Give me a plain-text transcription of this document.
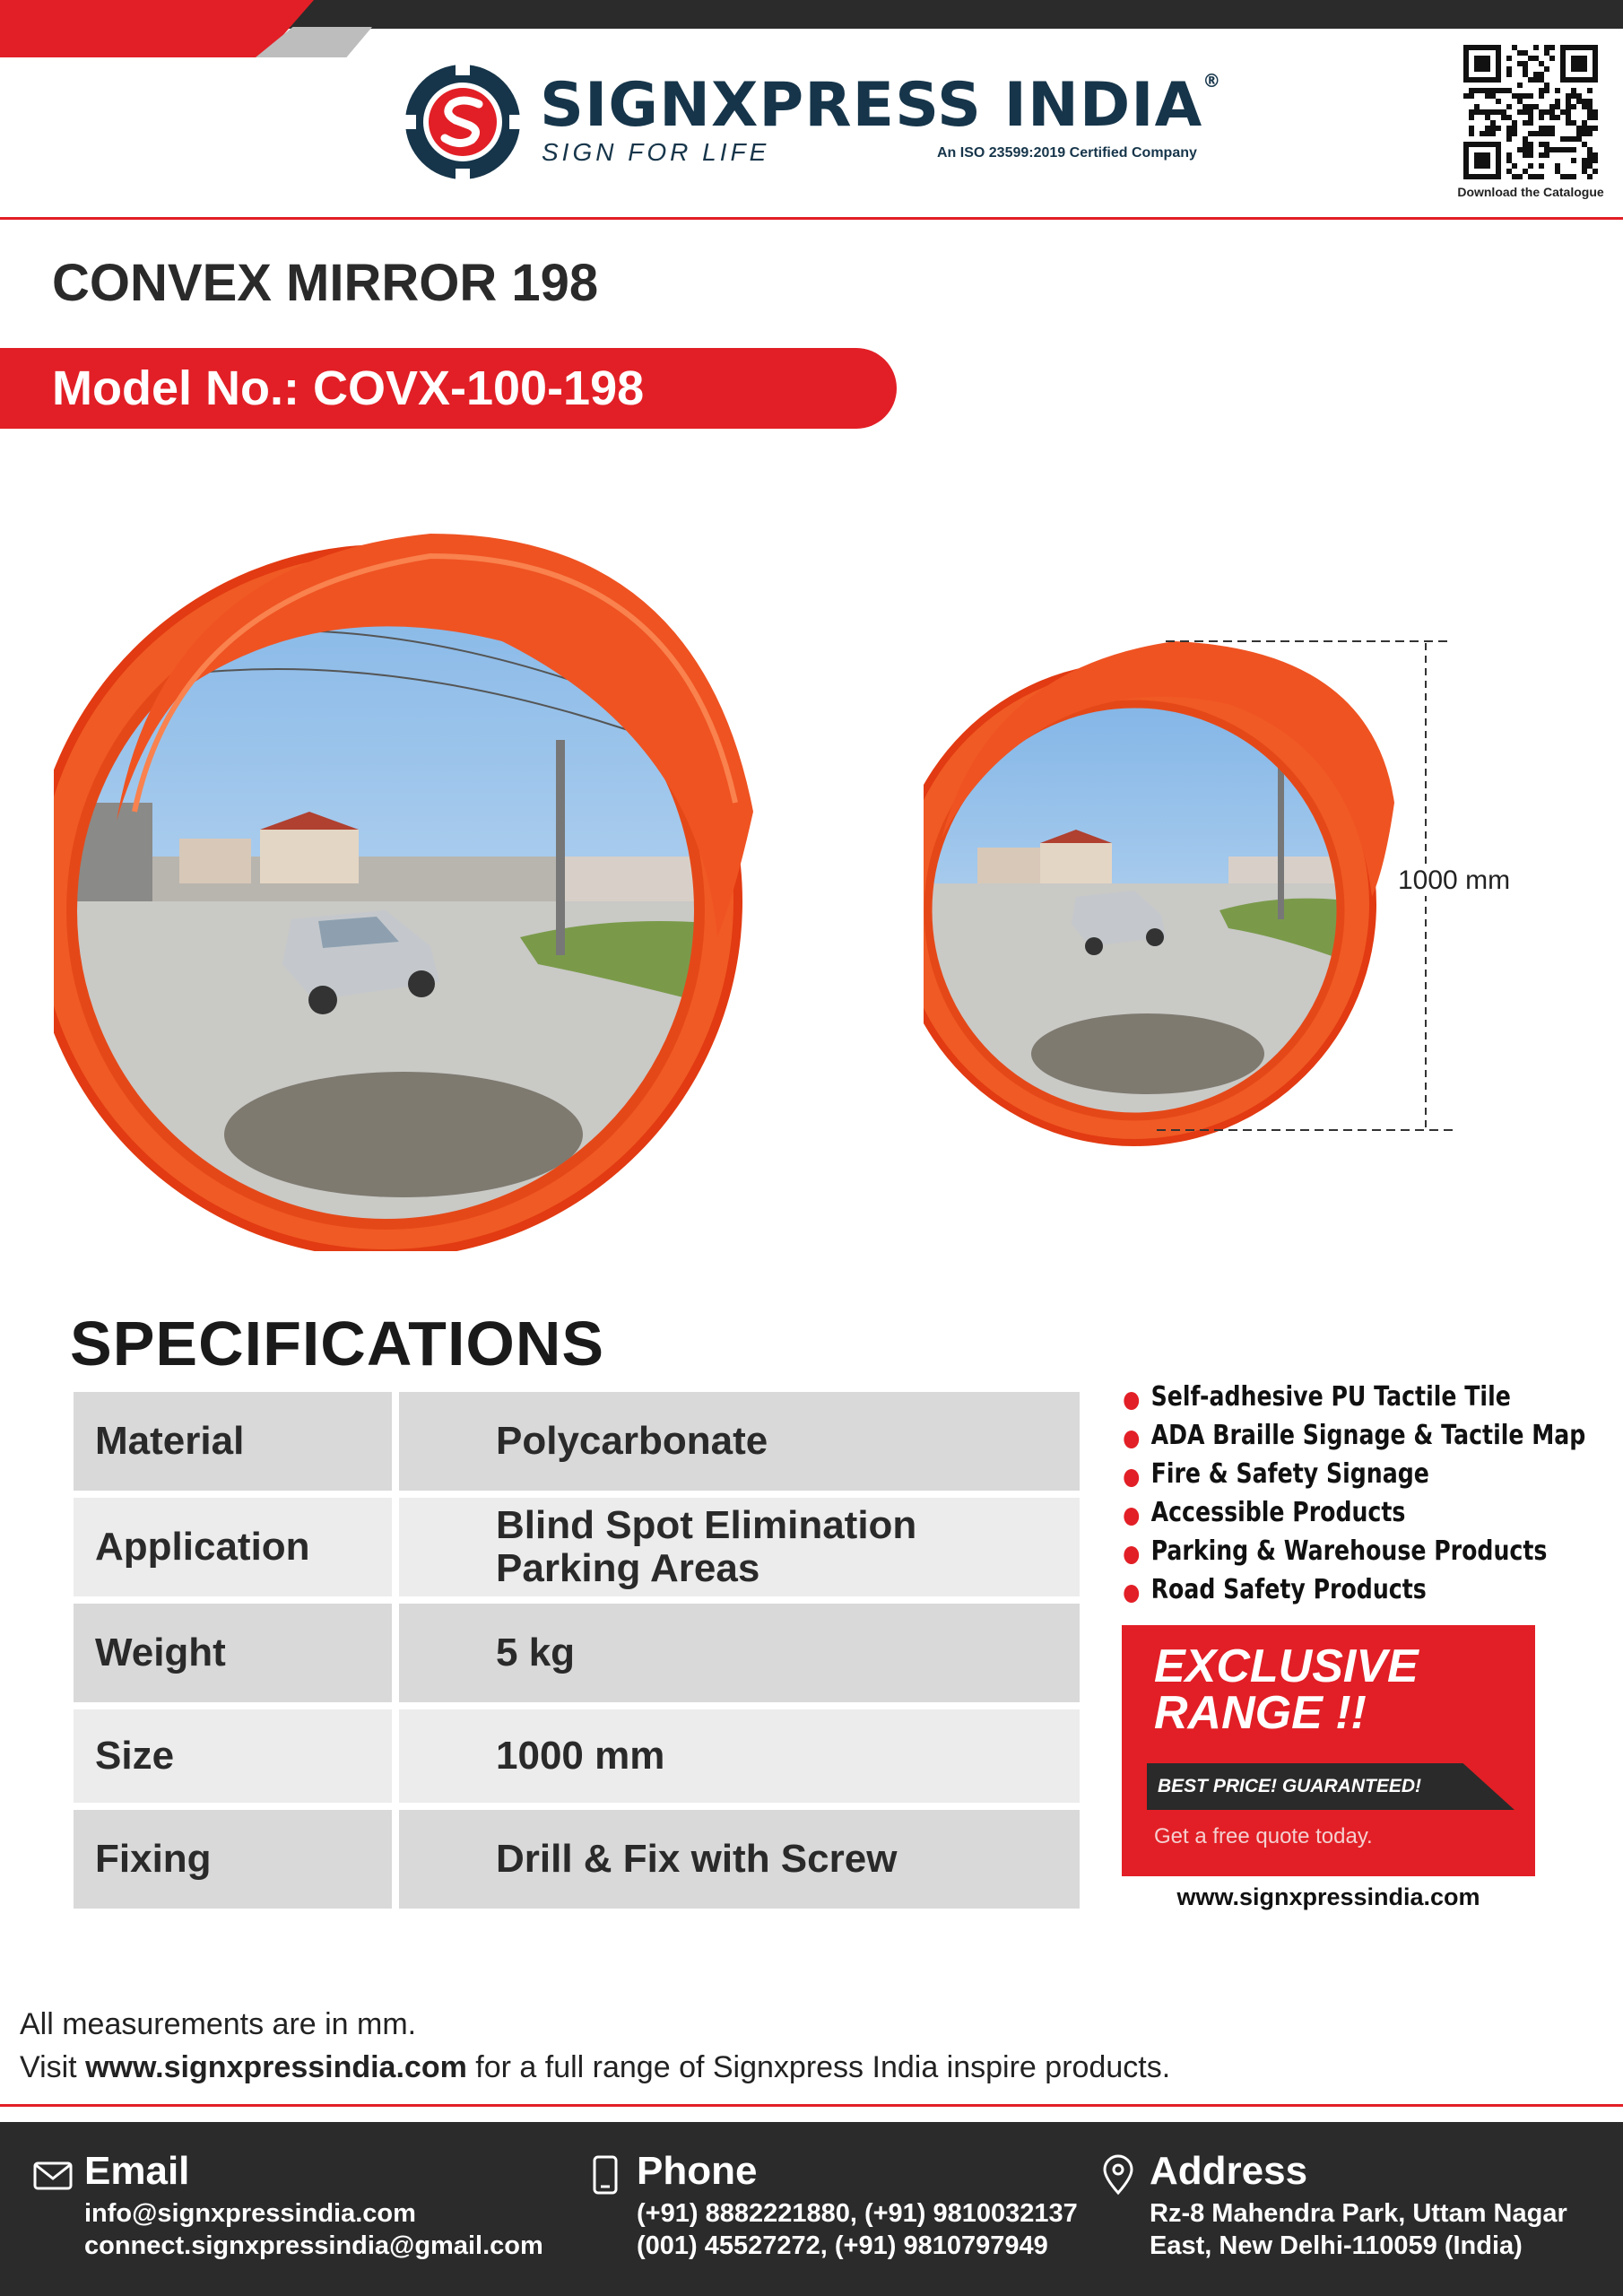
SIGNXPRESS INDIA®
SIGN FOR LIFE	An ISO 23599:2019 Certified Company
Download the Catalogue
CONVEX MIRROR 198
Model No.: COVX-100-198
1000 mm
SPECIFICATIONS
Material	Polycarbonate
Application	Blind Spot Elimination
Parking Areas
Weight	5 kg
Size	1000 mm
Fixing	Drill & Fix with Screw
Self-adhesive PU Tactile Tile
ADA Braille Signage & Tactile Map
Fire & Safety Signage
Accessible Products
Parking & Warehouse Products
Road Safety Products
EXCLUSIVE
RANGE !!
BEST PRICE! GUARANTEED!
Get a free quote today.
www.signxpressindia.com
All measurements are in mm.
Visit www.signxpressindia.com for a full range of Signxpress India inspire products.
Email
info@signxpressindia.com
connect.signxpressindia@gmail.com
Phone
(+91) 8882221880, (+91) 9810032137
(001) 45527272, (+91) 9810797949
Address
Rz-8 Mahendra Park, Uttam Nagar
East, New Delhi-110059 (India)
